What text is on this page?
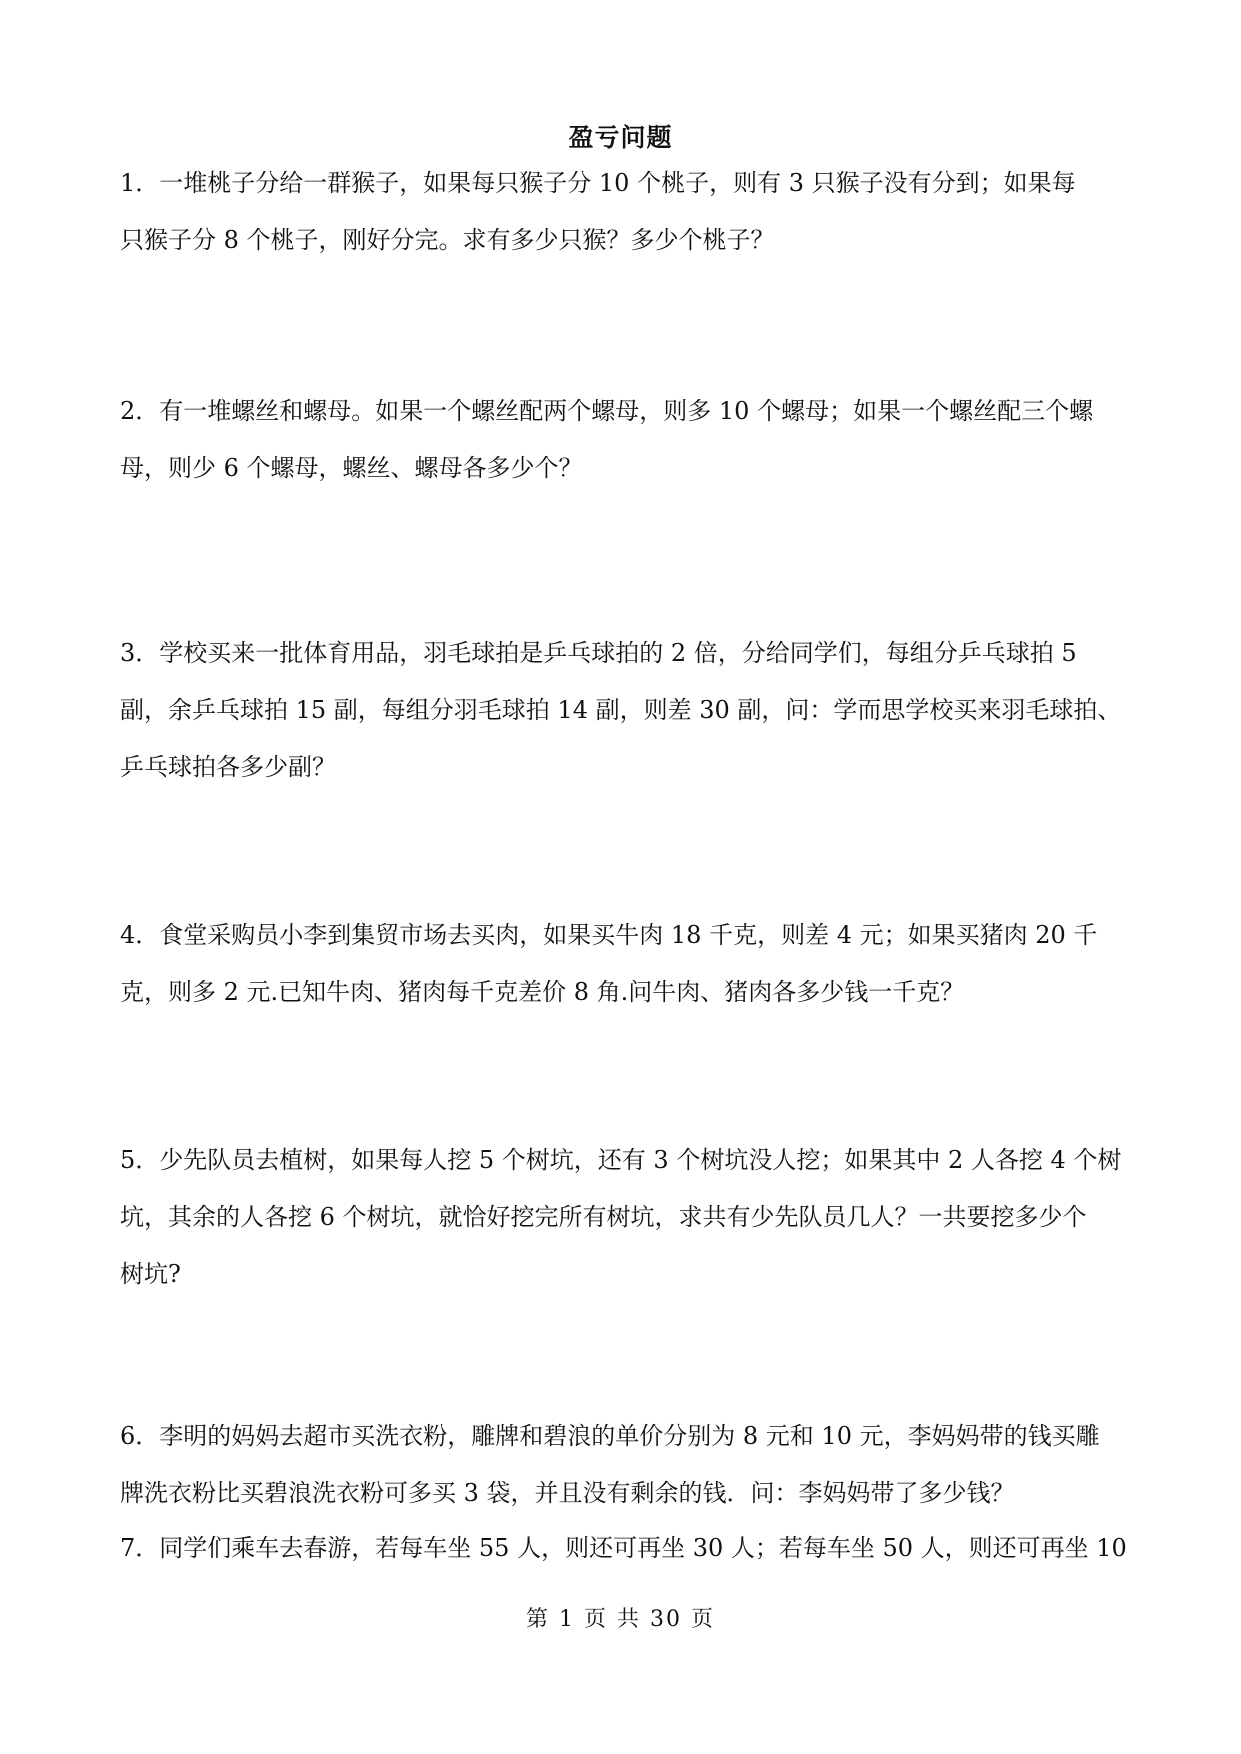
盈亏问题
1．一堆桃子分给一群猴子，如果每只猴子分 10 个桃子，则有 3 只猴子没有分到；如果每
只猴子分 8 个桃子，刚好分完。求有多少只猴？多少个桃子？
2．有一堆螺丝和螺母。如果一个螺丝配两个螺母，则多 10 个螺母；如果一个螺丝配三个螺
母，则少 6 个螺母，螺丝、螺母各多少个？
3．学校买来一批体育用品，羽毛球拍是乒乓球拍的 2 倍，分给同学们，每组分乒乓球拍 5
副，余乒乓球拍 15 副，每组分羽毛球拍 14 副，则差 30 副，问：学而思学校买来羽毛球拍、
乒乓球拍各多少副？
4．食堂采购员小李到集贸市场去买肉，如果买牛肉 18 千克，则差 4 元；如果买猪肉 20 千
克，则多 2 元.已知牛肉、猪肉每千克差价 8 角.问牛肉、猪肉各多少钱一千克？
5．少先队员去植树，如果每人挖 5 个树坑，还有 3 个树坑没人挖；如果其中 2 人各挖 4 个树
坑，其余的人各挖 6 个树坑，就恰好挖完所有树坑，求共有少先队员几人？一共要挖多少个
树坑?
6．李明的妈妈去超市买洗衣粉，雕牌和碧浪的单价分别为 8 元和 10 元，李妈妈带的钱买雕
牌洗衣粉比买碧浪洗衣粉可多买 3 袋，并且没有剩余的钱．问：李妈妈带了多少钱？
7．同学们乘车去春游，若每车坐 55 人，则还可再坐 30 人；若每车坐 50 人，则还可再坐 10
第 1 页 共 30 页
